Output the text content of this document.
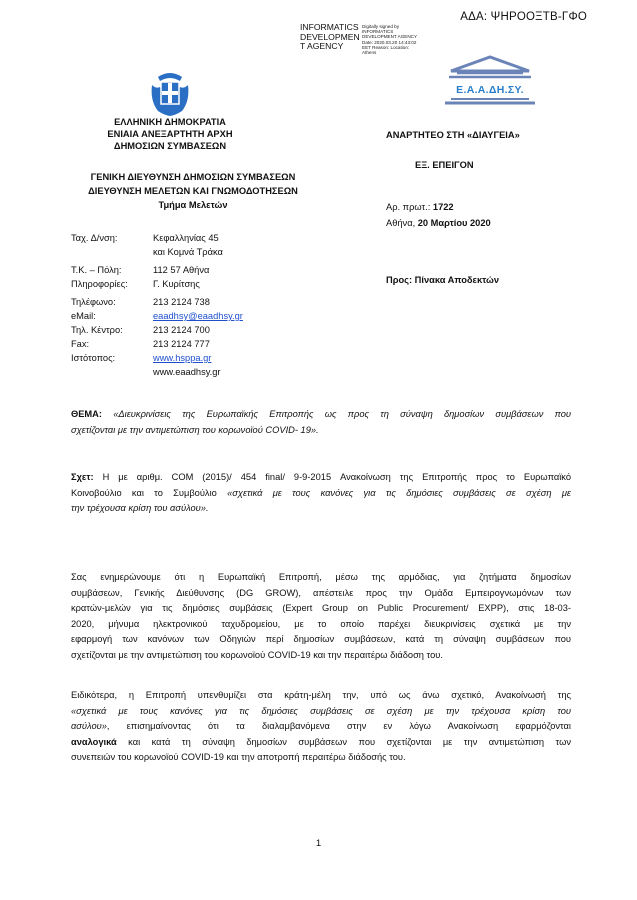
ΑΔΑ: ΨΗΡΟΟΞΤΒ-ΓΦΟ
INFORMATICS DEVELOPMEN T AGENCY
Digitally signed by INFORMATICS DEVELOPMENT AGENCY Date: 2020.03.20 14:43:02 EET Reason: Location: Athens
Ε.Α.Α.ΔΗ.ΣΥ.
ΕΛΛΗΝΙΚΗ ΔΗΜΟΚΡΑΤΙΑ
ΕΝΙΑΙΑ ΑΝΕΞΑΡΤΗΤΗ ΑΡΧΗ
ΔΗΜΟΣΙΩΝ ΣΥΜΒΑΣΕΩΝ
ΓΕΝΙΚΗ ΔΙΕΥΘΥΝΣΗ ΔΗΜΟΣΙΩΝ ΣΥΜΒΑΣΕΩΝ
ΔΙΕΥΘΥΝΣΗ ΜΕΛΕΤΩΝ ΚΑΙ ΓΝΩΜΟΔΟΤΗΣΕΩΝ
Τμήμα Μελετών
ΑΝΑΡΤΗΤΕΟ ΣΤΗ «ΔΙΑΥΓΕΙΑ»
ΕΞ. ΕΠΕΙΓΟΝ
Αρ. πρωτ.: 1722
Αθήνα, 20 Μαρτίου 2020
Προς: Πίνακα Αποδεκτών
Ταχ. Δ/νση:	Κεφαλληνίας 45
και Κομνά Τράκα
Τ.Κ. – Πόλη:	112 57 Αθήνα
Πληροφορίες:	Γ. Κυρίτσης
Τηλέφωνο:	213 2124 738
eMail:	eaadhsy@eaadhsy.gr
Τηλ. Κέντρο:	213 2124 700
Fax:	213 2124 777
Ιστότοπος:	www.hsppa.gr
www.eaadhsy.gr
ΘΕΜΑ: «Διευκρινίσεις της Ευρωπαϊκής Επιτροπής ως προς τη σύναψη δημοσίων συμβάσεων που
σχετίζονται με την αντιμετώπιση του κορωνοϊού COVID- 19».
Σχετ: Η με αριθμ. COM (2015)/ 454 final/ 9-9-2015 Ανακοίνωση της Επιτροπής προς το Ευρωπαϊκό
Κοινοβούλιο και το Συμβούλιο «σχετικά με τους κανόνες για τις δημόσιες συμβάσεις σε σχέση με
την τρέχουσα κρίση του ασύλου».
Σας ενημερώνουμε ότι η Ευρωπαϊκή Επιτροπή, μέσω της αρμόδιας, για ζητήματα δημοσίων
συμβάσεων, Γενικής Διεύθυνσης (DG GROW), απέστειλε προς την Ομάδα Εμπειρογνωμόνων των
κρατών-μελών για τις δημόσιες συμβάσεις (Expert Group on Public Procurement/ EXPP), στις 18-03-
2020, μήνυμα ηλεκτρονικού ταχυδρομείου, με το οποίο παρέχει διευκρινίσεις σχετικά με την
εφαρμογή των κανόνων των Οδηγιών περί δημοσίων συμβάσεων, κατά τη σύναψη συμβάσεων που
σχετίζονται με την αντιμετώπιση του κορωνοϊού COVID-19 και την περαιτέρω διάδοση του.
Ειδικότερα, η Επιτροπή υπενθυμίζει στα κράτη-μέλη την, υπό ως άνω σχετικό, Ανακοίνωσή της
«σχετικά με τους κανόνες για τις δημόσιες συμβάσεις σε σχέση με την τρέχουσα κρίση του
ασύλου», επισημαίνοντας ότι τα διαλαμβανόμενα στην εν λόγω Ανακοίνωση εφαρμόζονται
αναλογικά και κατά τη σύναψη δημοσίων συμβάσεων που σχετίζονται με την αντιμετώπιση των
συνεπειών του κορωνοϊού COVID-19 και την αποτροπή περαιτέρω διάδοσής του.
1
